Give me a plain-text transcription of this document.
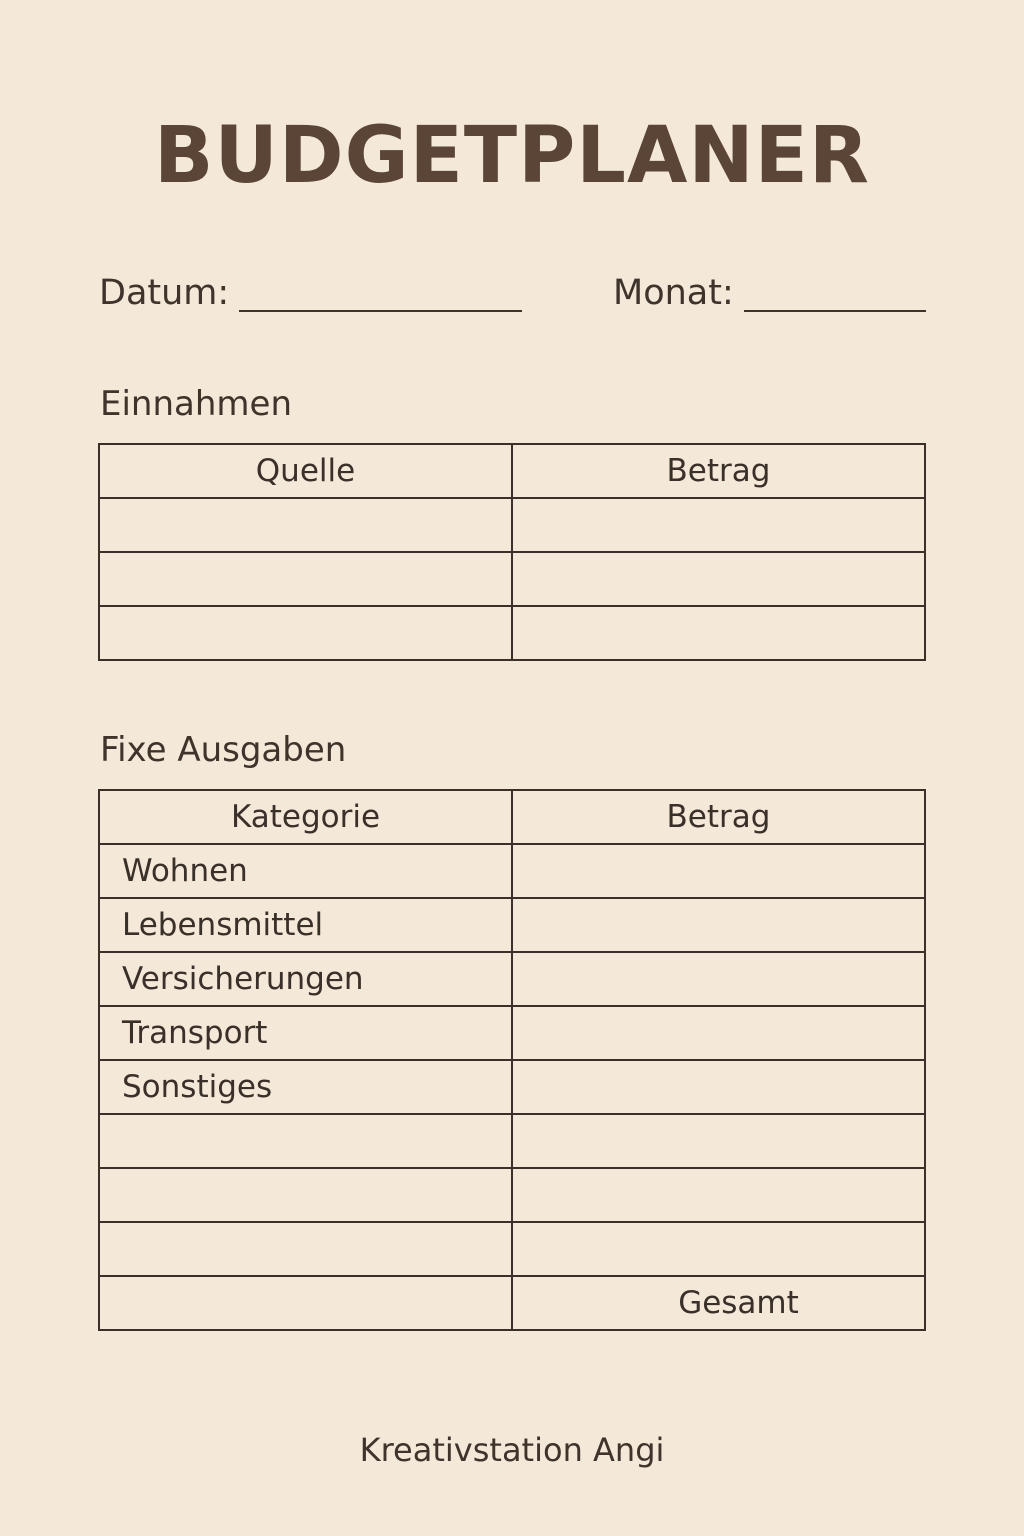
BUDGETPLANER
Datum:	Monat:
Einnahmen
Quelle	Betrag

Fixe Ausgaben
Kategorie	Betrag
Wohnen	
Lebensmittel	
Versicherungen	
Transport	
Sonstiges	

	Gesamt
Kreativstation Angi
